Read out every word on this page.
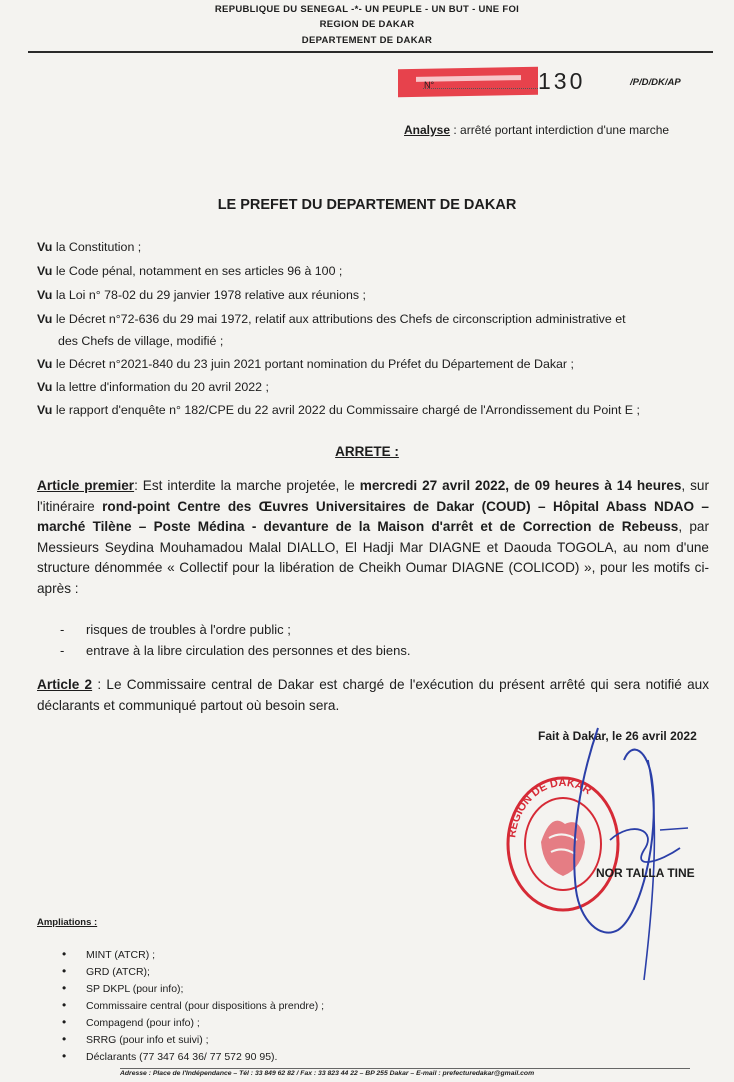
REPUBLIQUE DU SENEGAL -*- UN PEUPLE - UN BUT - UNE FOI
REGION DE DAKAR
DEPARTEMENT DE DAKAR
N°	130	/P/D/DK/AP
Analyse : arrêté portant interdiction d'une marche
LE PREFET DU DEPARTEMENT DE DAKAR
Vu la Constitution ;
Vu le Code pénal, notamment en ses articles 96 à 100 ;
Vu la Loi n° 78-02 du 29 janvier 1978 relative aux réunions ;
Vu le Décret n°72-636 du 29 mai 1972, relatif aux attributions des Chefs de circonscription administrative et
des Chefs de village, modifié ;
Vu le Décret n°2021-840 du 23 juin 2021 portant nomination du Préfet du Département de Dakar ;
Vu la lettre d'information du 20 avril 2022 ;
Vu le rapport d'enquête n° 182/CPE du 22 avril 2022 du Commissaire chargé de l'Arrondissement du Point E ;
ARRETE :
Article premier: Est interdite la marche projetée, le mercredi 27 avril 2022, de 09 heures à 14 heures, sur l'itinéraire rond-point Centre des Œuvres Universitaires de Dakar (COUD) – Hôpital Abass NDAO – marché Tilène – Poste Médina - devanture de la Maison d'arrêt et de Correction de Rebeuss, par Messieurs Seydina Mouhamadou Malal DIALLO, El Hadji Mar DIAGNE et Daouda TOGOLA, au nom d'une structure dénommée « Collectif pour la libération de Cheikh Oumar DIAGNE (COLICOD) », pour les motifs ci-après :
- risques de troubles à l'ordre public ;
- entrave à la libre circulation des personnes et des biens.
Article 2 : Le Commissaire central de Dakar est chargé de l'exécution du présent arrêté qui sera notifié aux déclarants et communiqué partout où besoin sera.
Fait à Dakar, le 26 avril 2022
REGION DE DAKAR
NOR TALLA TINE
Ampliations :
• MINT (ATCR) ;
• GRD (ATCR);
• SP DKPL (pour info);
• Commissaire central (pour dispositions à prendre) ;
• Compagend (pour info) ;
• SRRG (pour info et suivi) ;
• Déclarants (77 347 64 36/ 77 572 90 95).
Adresse : Place de l'Indépendance – Tél : 33 849 62 82 / Fax : 33 823 44 22 – BP 255 Dakar – E-mail : prefecturedakar@gmail.com
